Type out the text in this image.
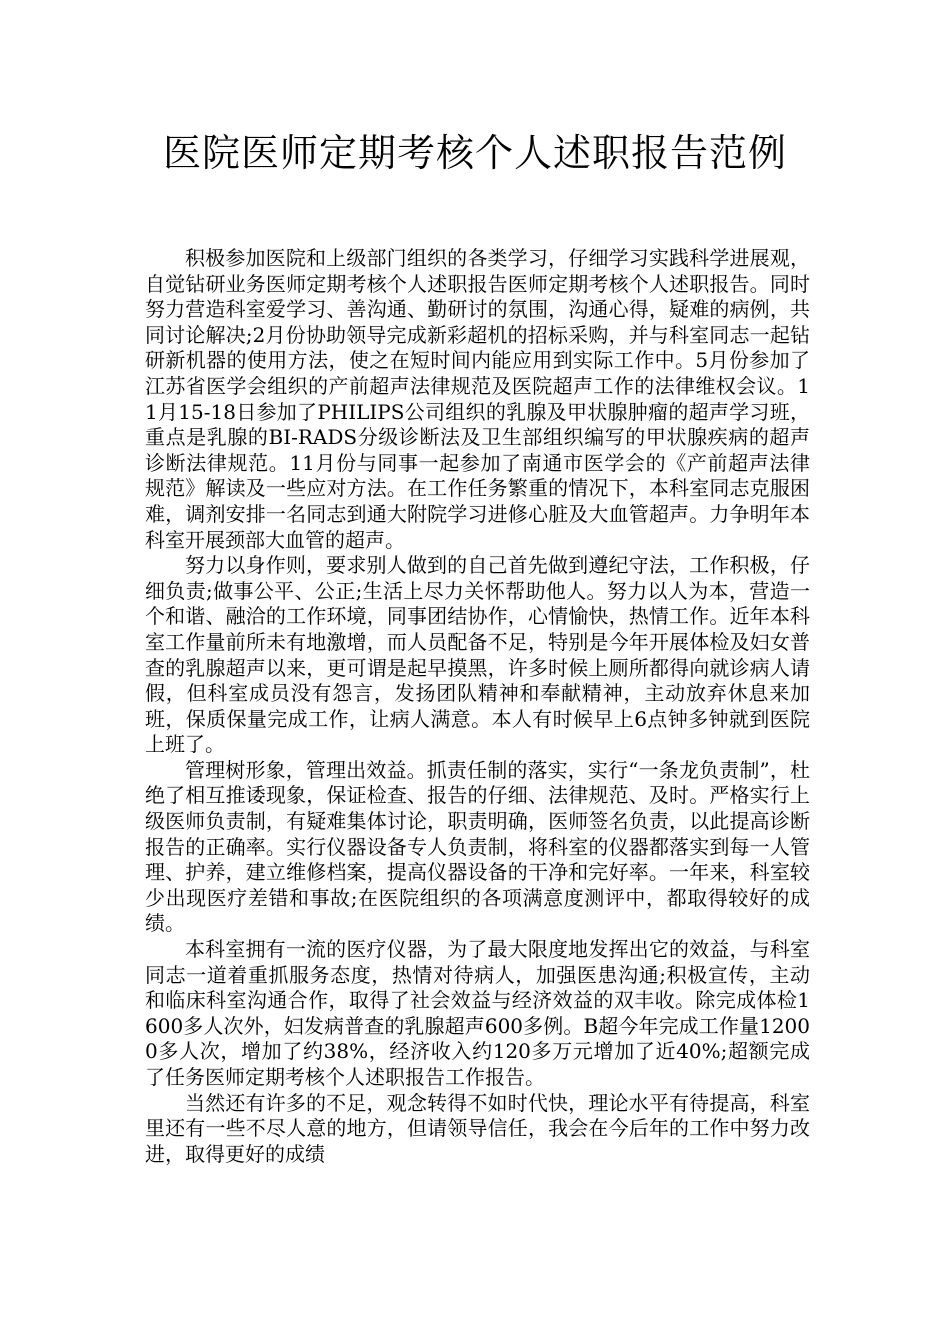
医院医师定期考核个人述职报告范例

积极参加医院和上级部门组织的各类学习，仔细学习实践科学进展观，自觉钻研业务医师定期考核个人述职报告医师定期考核个人述职报告。同时努力营造科室爱学习、善沟通、勤研讨的氛围，沟通心得，疑难的病例，共同讨论解决;2月份协助领导完成新彩超机的招标采购，并与科室同志一起钻研新机器的使用方法，使之在短时间内能应用到实际工作中。5月份参加了江苏省医学会组织的产前超声法律规范及医院超声工作的法律维权会议。11月15-18日参加了PHILIPS公司组织的乳腺及甲状腺肿瘤的超声学习班，重点是乳腺的BI-RADS分级诊断法及卫生部组织编写的甲状腺疾病的超声诊断法律规范。11月份与同事一起参加了南通市医学会的《产前超声法律规范》解读及一些应对方法。在工作任务繁重的情况下，本科室同志克服困难，调剂安排一名同志到通大附院学习进修心脏及大血管超声。力争明年本科室开展颈部大血管的超声。

努力以身作则，要求别人做到的自己首先做到遵纪守法，工作积极，仔细负责;做事公平、公正;生活上尽力关怀帮助他人。努力以人为本，营造一个和谐、融洽的工作环境，同事团结协作，心情愉快，热情工作。近年本科室工作量前所未有地激增，而人员配备不足，特别是今年开展体检及妇女普查的乳腺超声以来，更可谓是起早摸黑，许多时候上厕所都得向就诊病人请假，但科室成员没有怨言，发扬团队精神和奉献精神，主动放弃休息来加班，保质保量完成工作，让病人满意。本人有时候早上6点钟多钟就到医院上班了。

管理树形象，管理出效益。抓责任制的落实，实行“一条龙负责制”，杜绝了相互推诿现象，保证检查、报告的仔细、法律规范、及时。严格实行上级医师负责制，有疑难集体讨论，职责明确，医师签名负责，以此提高诊断报告的正确率。实行仪器设备专人负责制，将科室的仪器都落实到每一人管理、护养，建立维修档案，提高仪器设备的干净和完好率。一年来，科室较少出现医疗差错和事故;在医院组织的各项满意度测评中，都取得较好的成绩。

本科室拥有一流的医疗仪器，为了最大限度地发挥出它的效益，与科室同志一道着重抓服务态度，热情对待病人，加强医患沟通;积极宣传，主动和临床科室沟通合作，取得了社会效益与经济效益的双丰收。除完成体检1600多人次外，妇发病普查的乳腺超声600多例。B超今年完成工作量12000多人次，增加了约38%，经济收入约120多万元增加了近40%;超额完成了任务医师定期考核个人述职报告工作报告。

当然还有许多的不足，观念转得不如时代快，理论水平有待提高，科室里还有一些不尽人意的地方，但请领导信任，我会在今后年的工作中努力改进，取得更好的成绩
